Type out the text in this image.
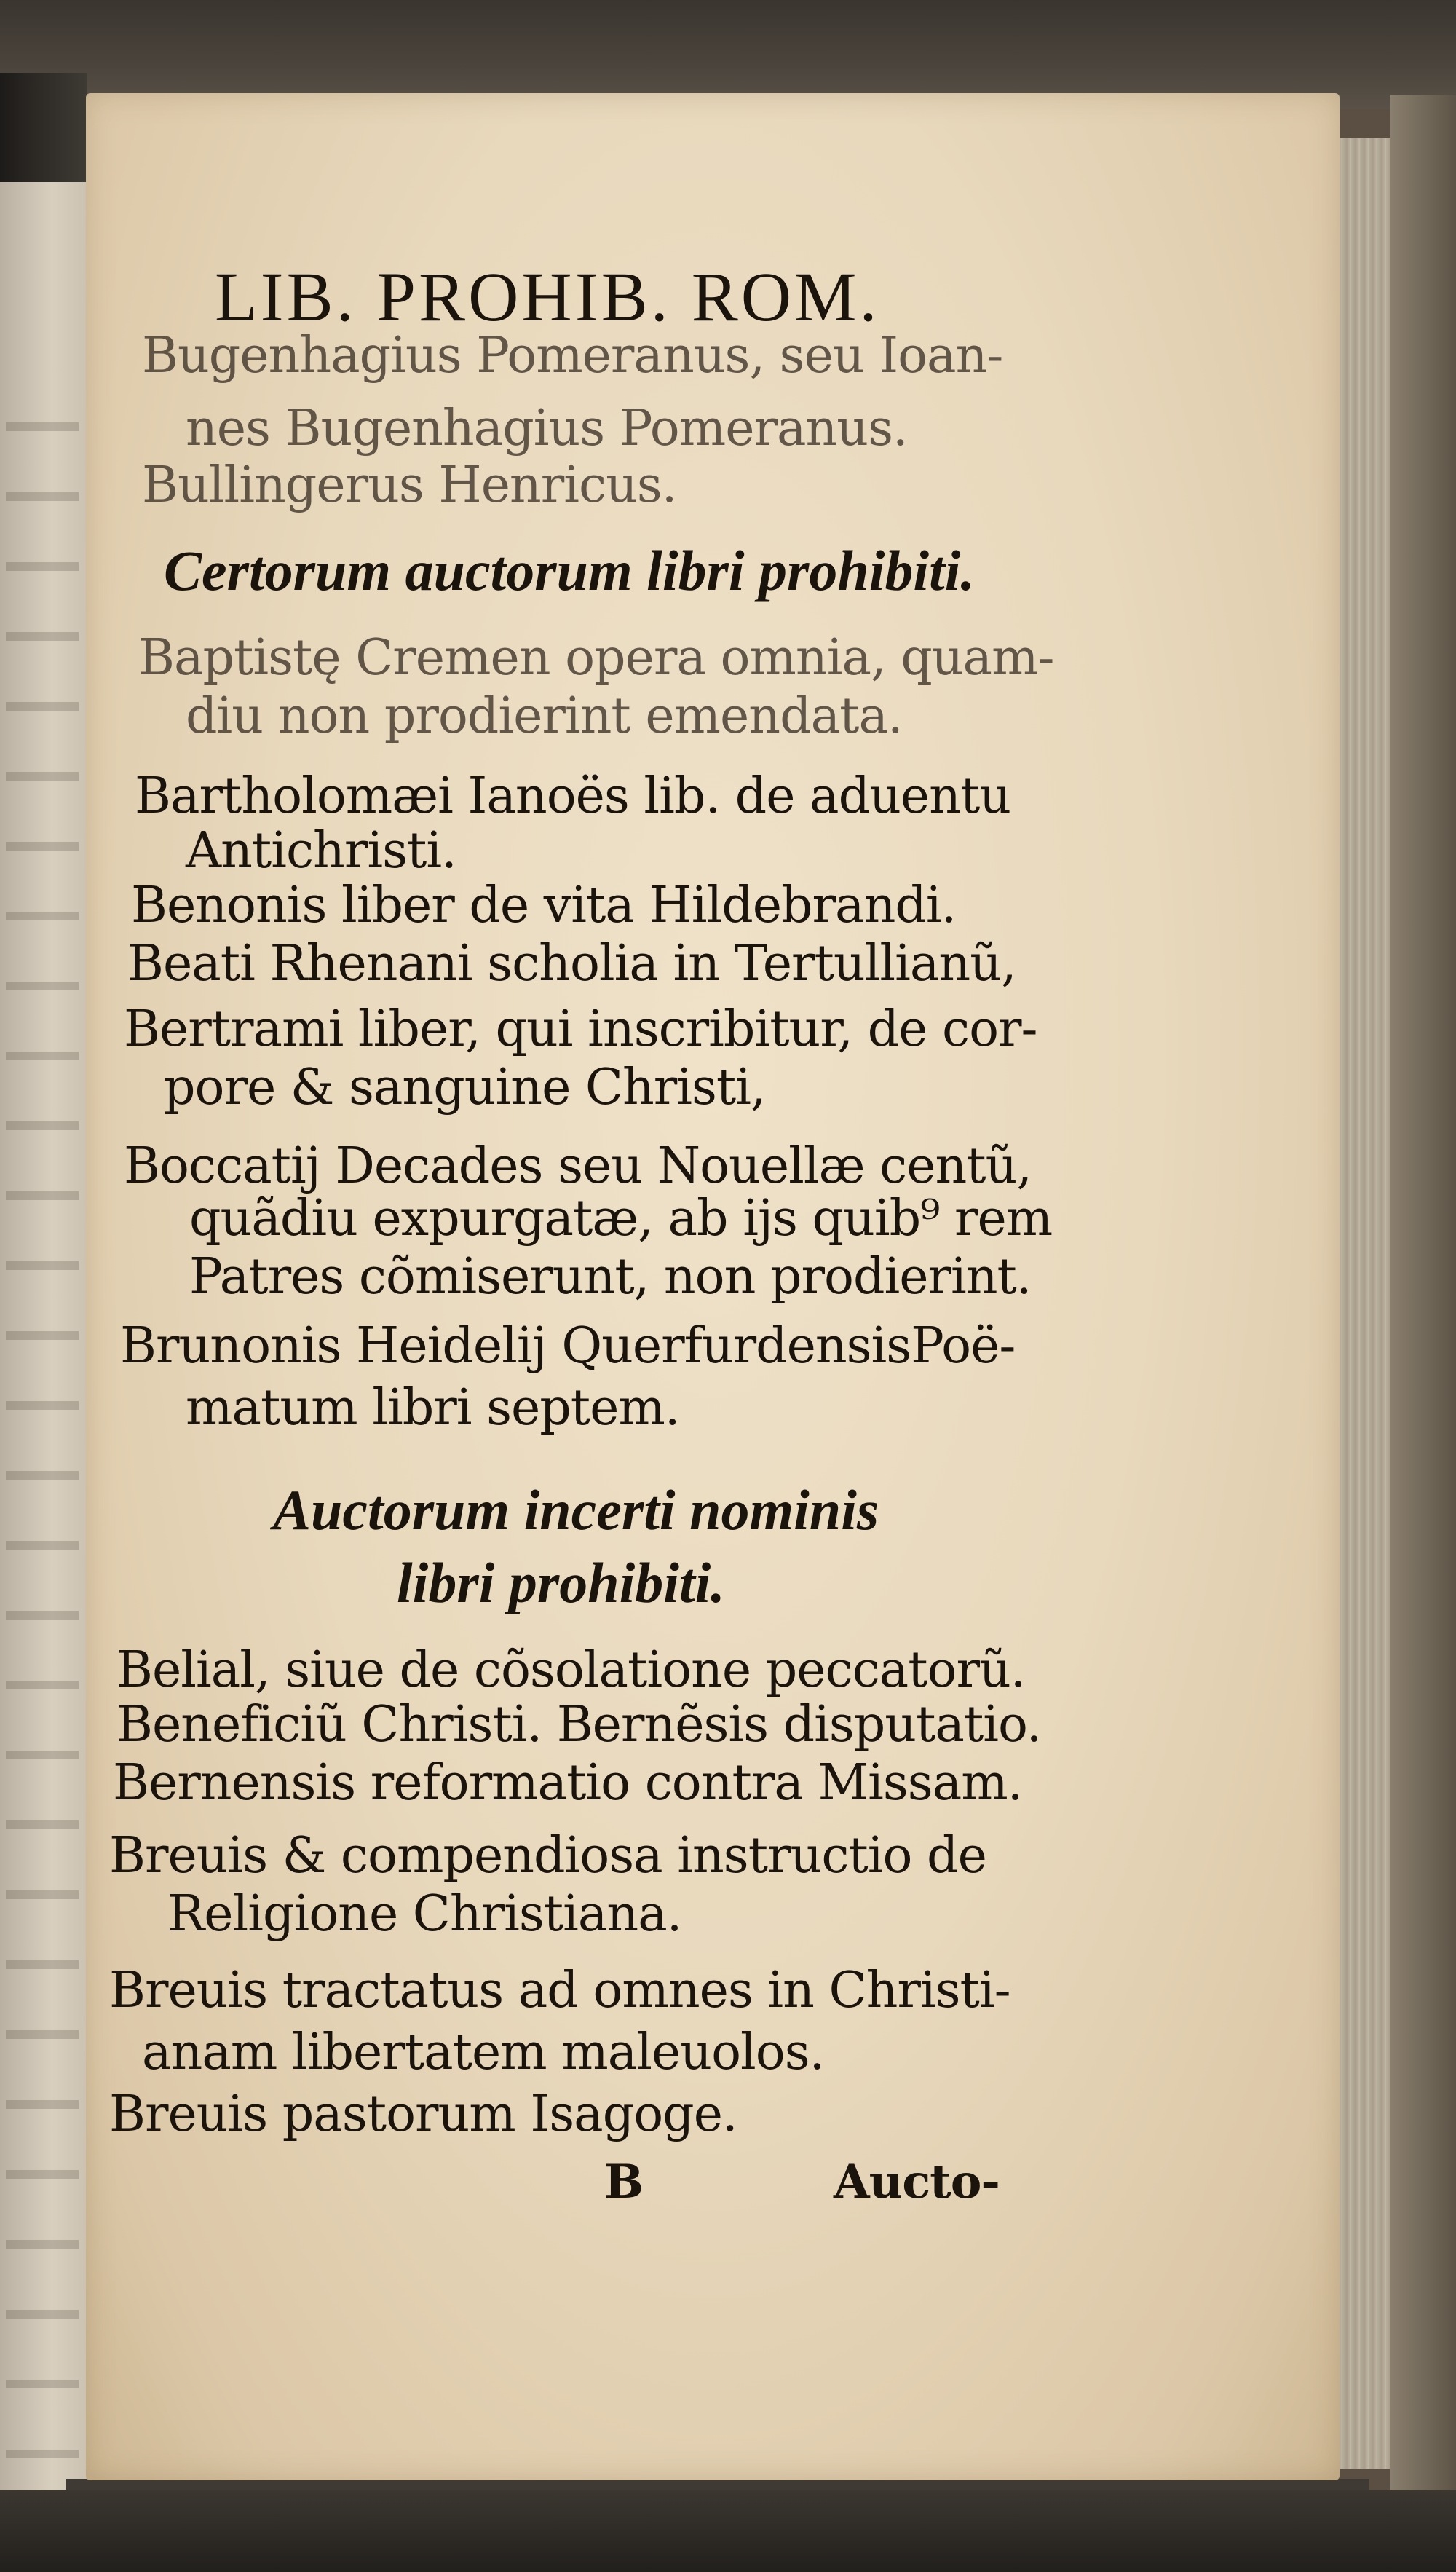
LIB. PROHIB. ROM.
Bugenhagius Pomeranus, seu Ioan-
nes Bugenhagius Pomeranus.
Bullingerus Henricus.
Certorum auctorum libri prohibiti.
Baptistę Cremen opera omnia, quam-
diu non prodierint emendata.
Bartholomæi Ianoës lib. de aduentu
Antichristi.
Benonis liber de vita Hildebrandi.
Beati Rhenani scholia in Tertullianũ,
Bertrami liber, qui inscribitur, de cor-
pore & sanguine Christi,
Boccatij Decades seu Nouellæ centũ,
quãdiu expurgatæ, ab ijs quib⁹ rem
Patres cõmiserunt, non prodierint.
Brunonis Heidelij QuerfurdensisPoë-
matum libri septem.
Auctorum incerti nominis
libri prohibiti.
Belial, siue de cõsolatione peccatorũ.
Beneficiũ Christi. Bernẽsis disputatio.
Bernensis reformatio contra Missam.
Breuis & compendiosa instructio de
Religione Christiana.
Breuis tractatus ad omnes in Christi-
anam libertatem maleuolos.
Breuis pastorum Isagoge.
B	Aucto-
